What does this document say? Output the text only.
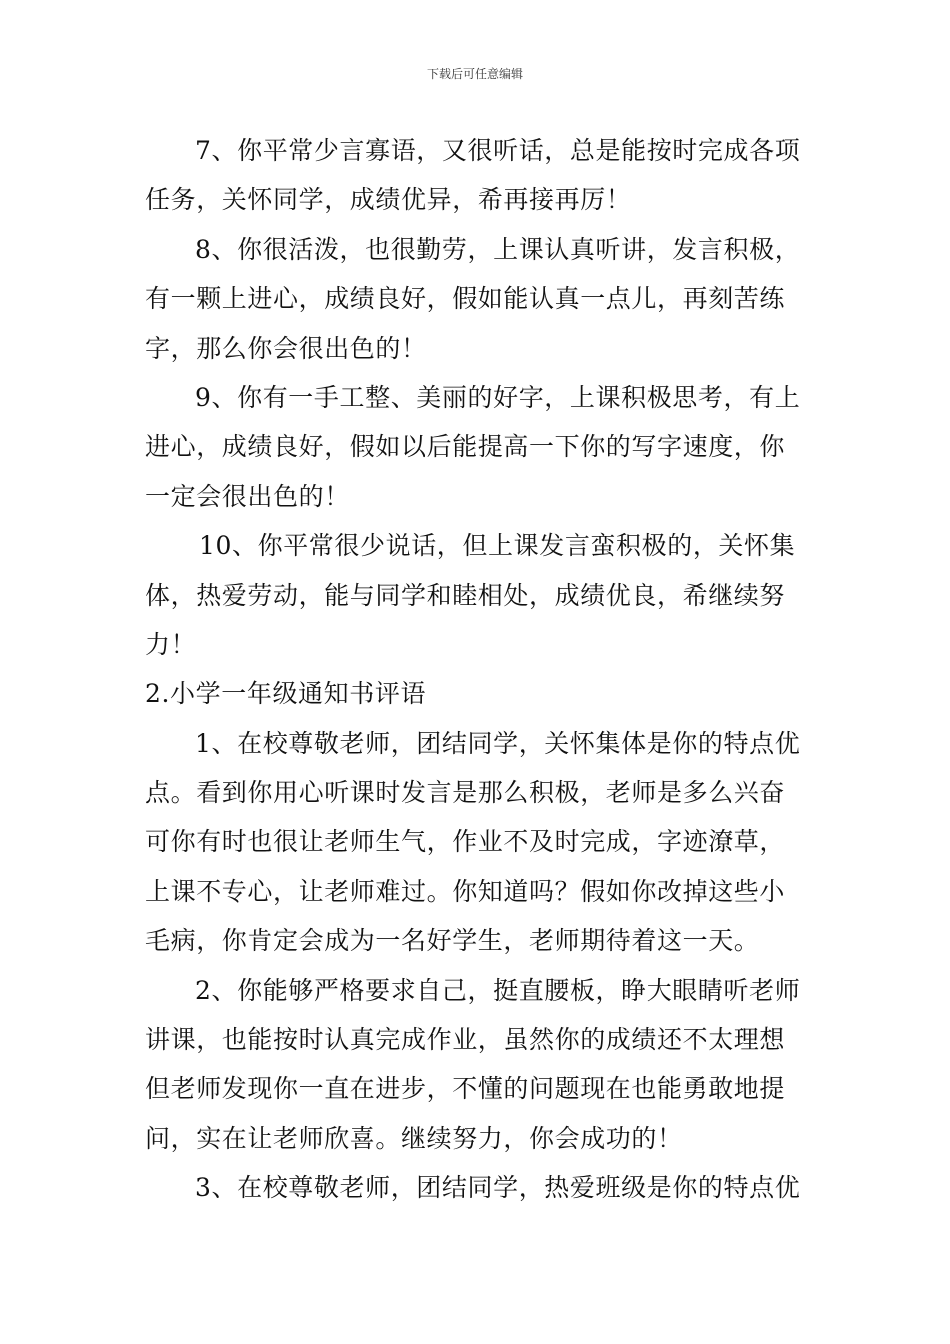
下载后可任意编辑
7、你平常少言寡语，又很听话，总是能按时完成各项
任务，关怀同学，成绩优异，希再接再厉！
8、你很活泼，也很勤劳，上课认真听讲，发言积极，
有一颗上进心，成绩良好，假如能认真一点儿，再刻苦练
字，那么你会很出色的！
9、你有一手工整、美丽的好字，上课积极思考，有上
进心，成绩良好，假如以后能提高一下你的写字速度，你
一定会很出色的！
10、你平常很少说话，但上课发言蛮积极的，关怀集
体，热爱劳动，能与同学和睦相处，成绩优良，希继续努
力！
2.小学一年级通知书评语
1、在校尊敬老师，团结同学，关怀集体是你的特点优
点。看到你用心听课时发言是那么积极，老师是多么兴奋
可你有时也很让老师生气，作业不及时完成，字迹潦草，
上课不专心，让老师难过。你知道吗？假如你改掉这些小
毛病，你肯定会成为一名好学生，老师期待着这一天。
2、你能够严格要求自己，挺直腰板，睁大眼睛听老师
讲课，也能按时认真完成作业，虽然你的成绩还不太理想
但老师发现你一直在进步，不懂的问题现在也能勇敢地提
问，实在让老师欣喜。继续努力，你会成功的！
3、在校尊敬老师，团结同学，热爱班级是你的特点优
